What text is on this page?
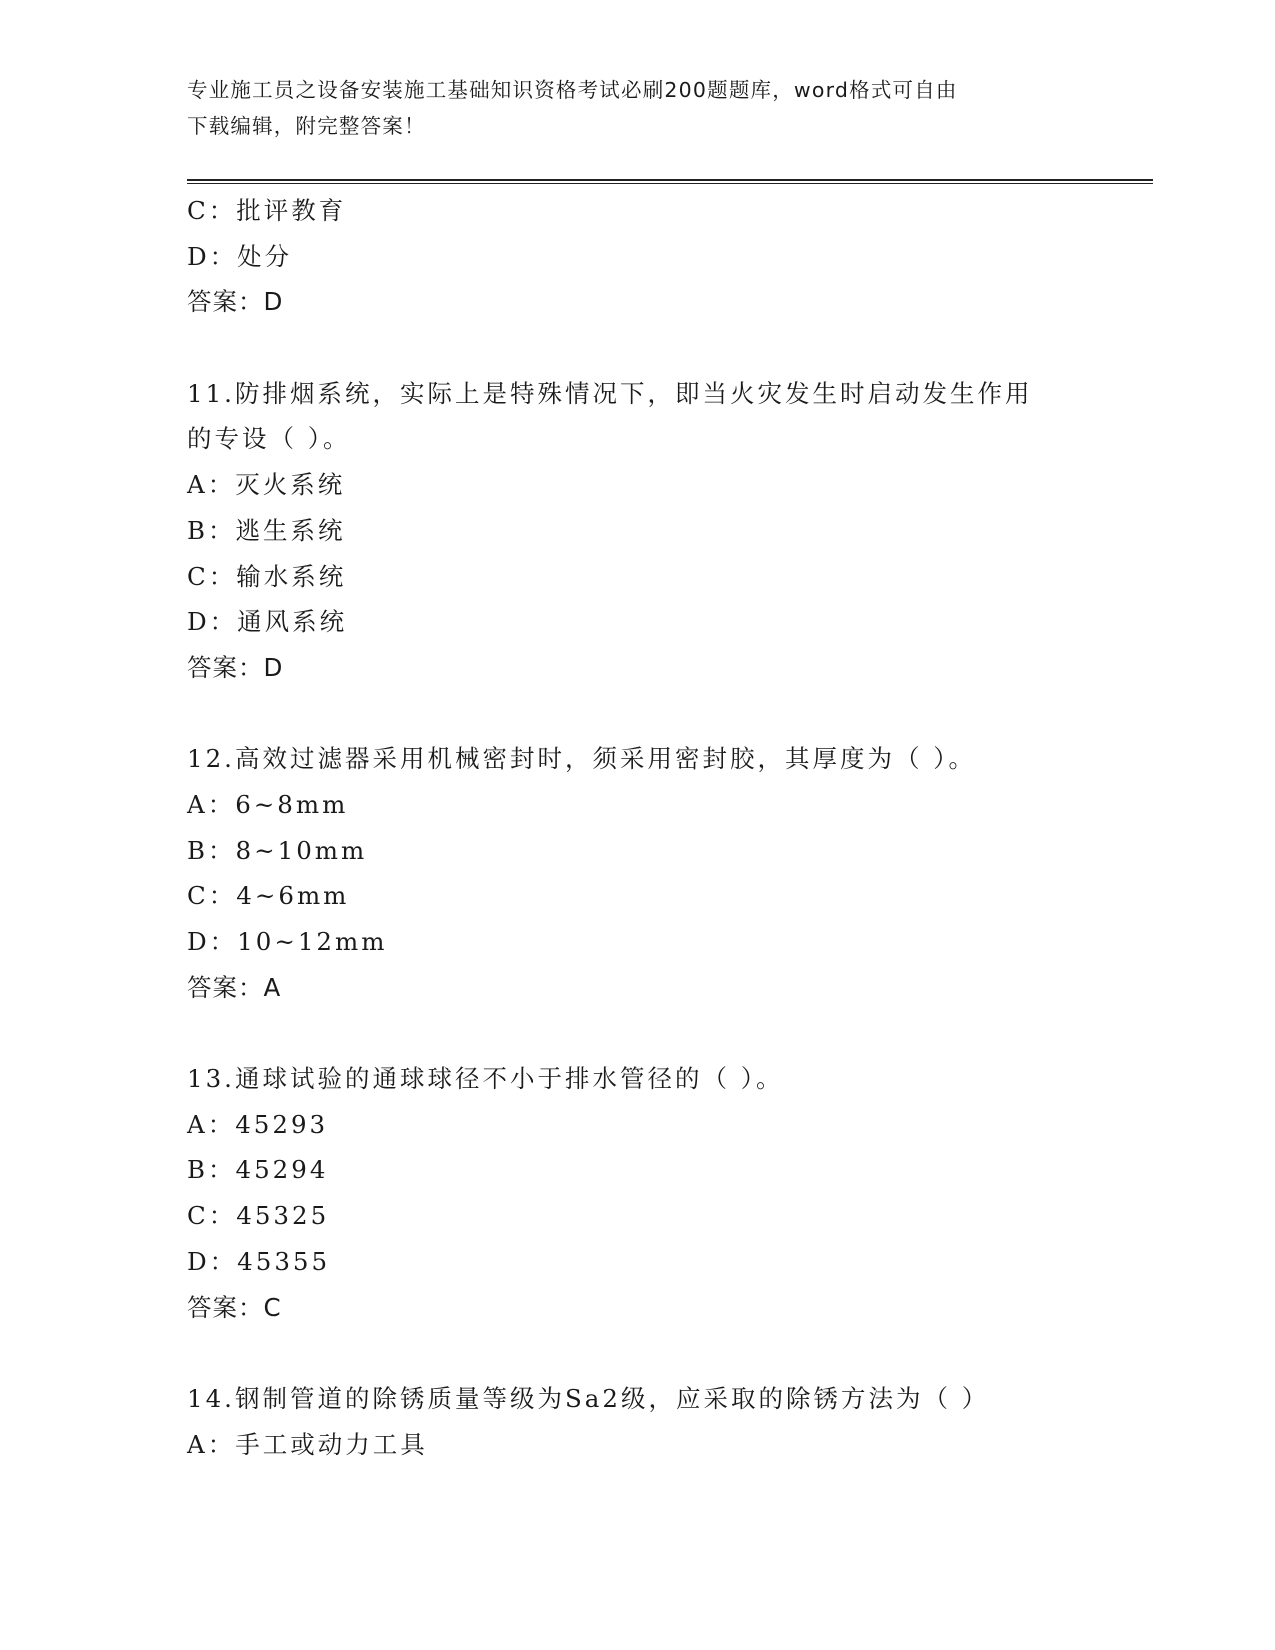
专业施工员之设备安装施工基础知识资格考试必刷200题题库，word格式可自由
下载编辑，附完整答案！
C：批评教育
D：处分
答案：D
11.防排烟系统，实际上是特殊情况下，即当火灾发生时启动发生作用
的专设（ ）。
A：灭火系统
B：逃生系统
C：输水系统
D：通风系统
答案：D
12.高效过滤器采用机械密封时，须采用密封胶，其厚度为（ ）。
A：6~8mm
B：8~10mm
C：4~6mm
D：10~12mm
答案：A
13.通球试验的通球球径不小于排水管径的（ ）。
A：45293
B：45294
C：45325
D：45355
答案：C
14.钢制管道的除锈质量等级为Sa2级，应采取的除锈方法为（ ）
A：手工或动力工具
